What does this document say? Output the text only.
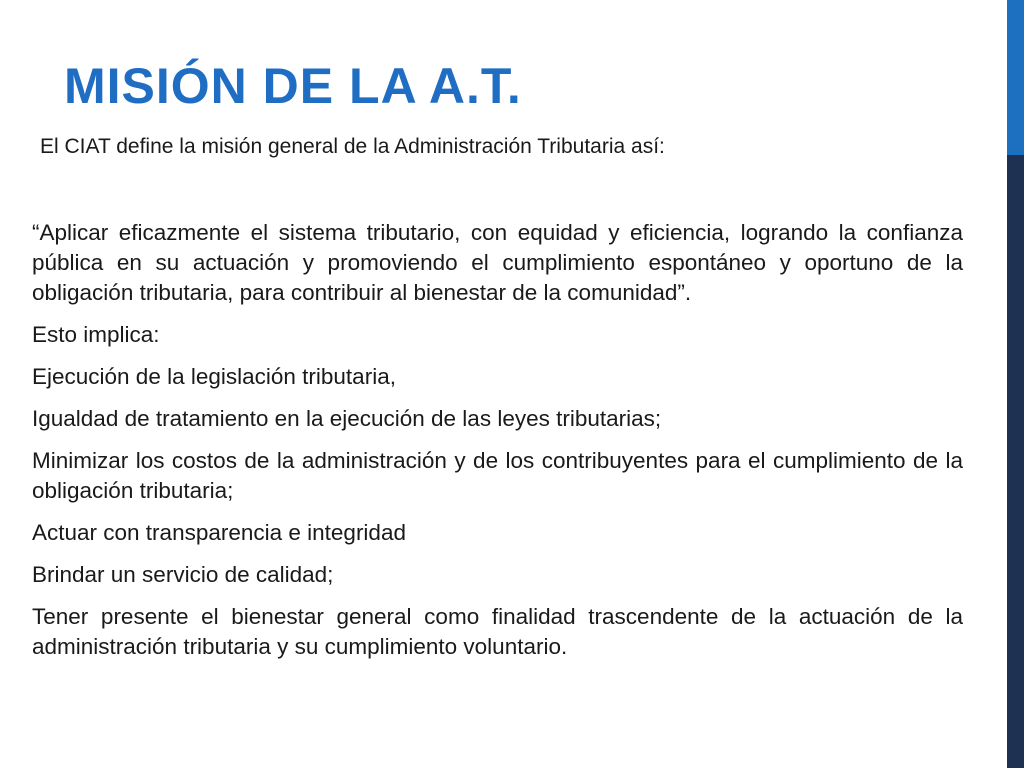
MISIÓN DE LA A.T.

El CIAT define la misión general de la Administración Tributaria así:

“Aplicar eficazmente el sistema tributario, con equidad y eficiencia, logrando la confianza pública en su actuación y promoviendo el cumplimiento espontáneo y oportuno de la obligación tributaria, para contribuir al bienestar de la comunidad”.

Esto implica:

Ejecución de la legislación tributaria,

Igualdad de tratamiento en la ejecución de las leyes tributarias;

Minimizar los costos de la administración y de los contribuyentes para el cumplimiento de la obligación tributaria;

Actuar con transparencia e integridad

Brindar un servicio de calidad;

Tener presente el bienestar general como finalidad trascendente de la actuación de la administración tributaria y su cumplimiento voluntario.
